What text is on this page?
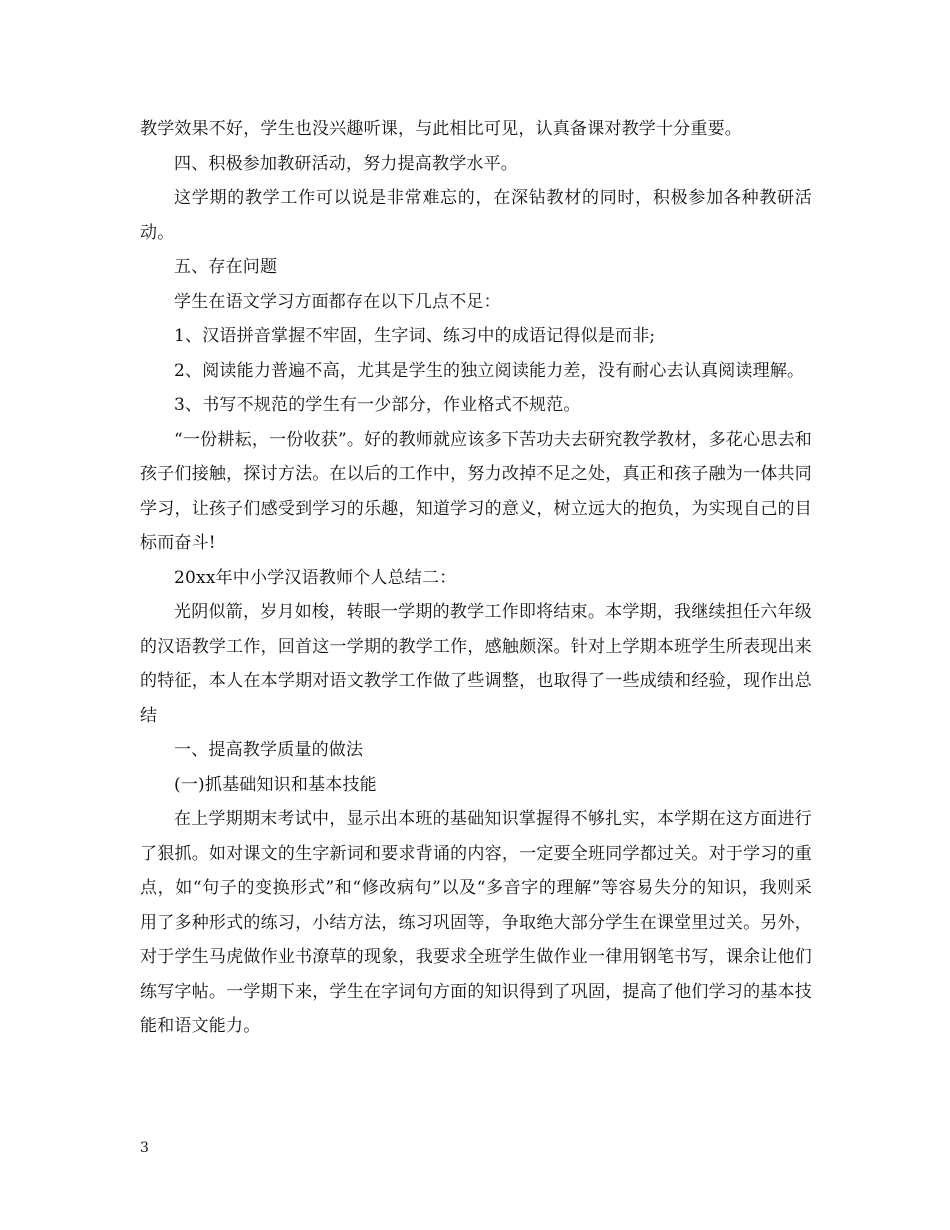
教学效果不好，学生也没兴趣听课，与此相比可见，认真备课对教学十分重要。

四、积极参加教研活动，努力提高教学水平。

这学期的教学工作可以说是非常难忘的，在深钻教材的同时，积极参加各种教研活动。

五、存在问题

学生在语文学习方面都存在以下几点不足：

1、汉语拼音掌握不牢固，生字词、练习中的成语记得似是而非;

2、阅读能力普遍不高，尤其是学生的独立阅读能力差，没有耐心去认真阅读理解。

3、书写不规范的学生有一少部分，作业格式不规范。

“一份耕耘，一份收获”。好的教师就应该多下苦功夫去研究教学教材，多花心思去和孩子们接触，探讨方法。在以后的工作中，努力改掉不足之处，真正和孩子融为一体共同学习，让孩子们感受到学习的乐趣，知道学习的意义，树立远大的抱负，为实现自己的目标而奋斗!

20xx年中小学汉语教师个人总结二：

光阴似箭，岁月如梭，转眼一学期的教学工作即将结束。本学期，我继续担任六年级的汉语教学工作，回首这一学期的教学工作，感触颇深。针对上学期本班学生所表现出来的特征，本人在本学期对语文教学工作做了些调整，也取得了一些成绩和经验，现作出总结

一、提高教学质量的做法

(一)抓基础知识和基本技能

在上学期期末考试中，显示出本班的基础知识掌握得不够扎实，本学期在这方面进行了狠抓。如对课文的生字新词和要求背诵的内容，一定要全班同学都过关。对于学习的重点，如“句子的变换形式”和“修改病句”以及“多音字的理解”等容易失分的知识，我则采用了多种形式的练习，小结方法，练习巩固等，争取绝大部分学生在课堂里过关。另外，对于学生马虎做作业书潦草的现象，我要求全班学生做作业一律用钢笔书写，课余让他们练写字帖。一学期下来，学生在字词句方面的知识得到了巩固，提高了他们学习的基本技能和语文能力。

3
